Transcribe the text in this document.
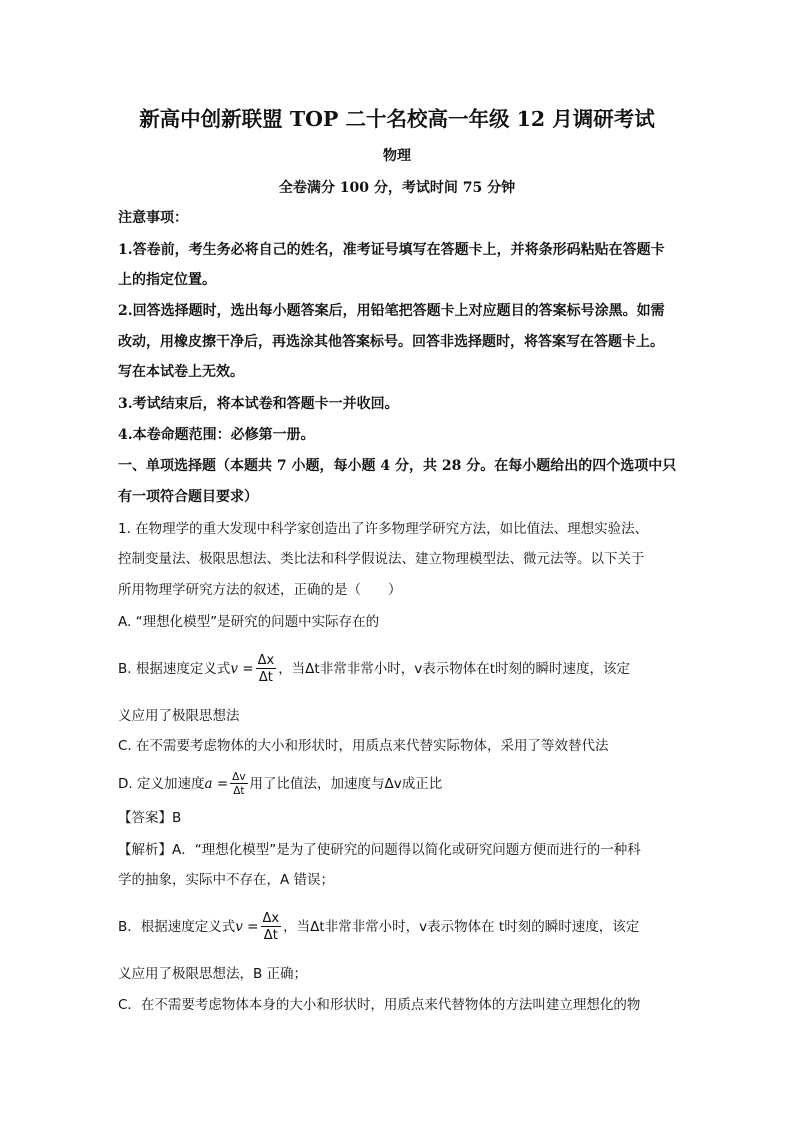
新高中创新联盟 TOP 二十名校高一年级 12 月调研考试
物理
全卷满分 100 分，考试时间 75 分钟
注意事项：
1.答卷前，考生务必将自己的姓名，准考证号填写在答题卡上，并将条形码粘贴在答题卡
上的指定位置。
2.回答选择题时，选出每小题答案后，用铅笔把答题卡上对应题目的答案标号涂黑。如需
改动，用橡皮擦干净后，再选涂其他答案标号。回答非选择题时，将答案写在答题卡上。
写在本试卷上无效。
3.考试结束后，将本试卷和答题卡一并收回。
4.本卷命题范围：必修第一册。
一、单项选择题（本题共 7 小题，每小题 4 分，共 28 分。在每小题给出的四个选项中只
有一项符合题目要求）
1. 在物理学的重大发现中科学家创造出了许多物理学研究方法，如比值法、理想实验法、
控制变量法、极限思想法、类比法和科学假说法、建立物理模型法、微元法等。以下关于
所用物理学研究方法的叙述，正确的是（　　）
A. “理想化模型”是研究的问题中实际存在的
B. 根据速度定义式$v = \frac{\Delta x}{\Delta t}$ ，当Δt非常非常小时，v表示物体在t时刻的瞬时速度，该定
义应用了极限思想法
C. 在不需要考虑物体的大小和形状时，用质点来代替实际物体，采用了等效替代法
D. 定义加速度$a = \frac{\Delta v}{\Delta t}$ 用了比值法，加速度与Δv成正比
【答案】B
【解析】A．“理想化模型”是为了使研究的问题得以简化或研究问题方便而进行的一种科
学的抽象，实际中不存在，A 错误；
B．根据速度定义式$v = \frac{\Delta x}{\Delta t}$ ，当Δt非常非常小时，v表示物体在 t时刻的瞬时速度，该定
义应用了极限思想法，B 正确；
C．在不需要考虑物体本身的大小和形状时，用质点来代替物体的方法叫建立理想化的物
